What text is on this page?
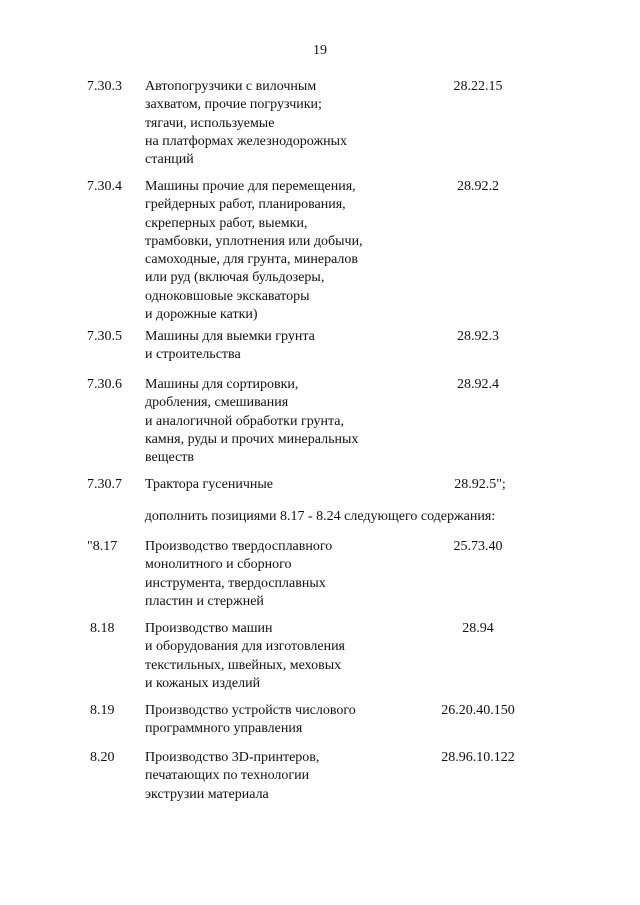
19
7.30.3 Автопогрузчики с вилочным
захватом, прочие погрузчики;
тягачи, используемые
на платформах железнодорожных
станций
28.22.15
7.30.4 Машины прочие для перемещения,
грейдерных работ, планирования,
скреперных работ, выемки,
трамбовки, уплотнения или добычи,
самоходные, для грунта, минералов
или руд (включая бульдозеры,
одноковшовые экскаваторы
и дорожные катки)
28.92.2
7.30.5 Машины для выемки грунта
и строительства
28.92.3
7.30.6 Машины для сортировки,
дробления, смешивания
и аналогичной обработки грунта,
камня, руды и прочих минеральных
веществ
28.92.4
7.30.7 Трактора гусеничные	28.92.5";
дополнить позициями 8.17 - 8.24 следующего содержания:
"8.17 Производство твердосплавного
монолитного и сборного
инструмента, твердосплавных
пластин и стержней
25.73.40
8.18 Производство машин
и оборудования для изготовления
текстильных, швейных, меховых
и кожаных изделий
28.94
8.19 Производство устройств числового
программного управления
26.20.40.150
8.20 Производство 3D-принтеров,
печатающих по технологии
экструзии материала
28.96.10.122
